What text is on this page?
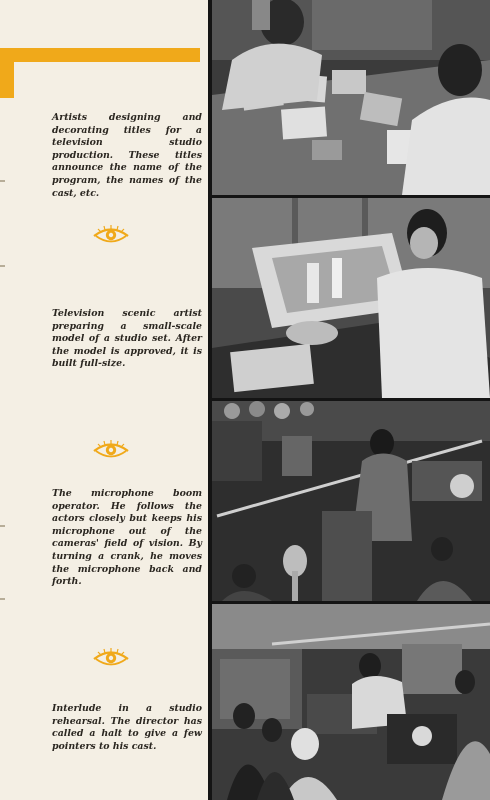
Artists designing and decorating titles for a television studio production. These titles announce the name of the program, the names of the cast, etc.
Television scenic artist preparing a small-scale model of a studio set. After the model is approved, it is built full-size.
The microphone boom operator. He follows the actors closely but keeps his microphone out of the cameras' field of vision. By turning a crank, he moves the microphone back and forth.
Interlude in a studio rehearsal. The director has called a halt to give a few pointers to his cast.
